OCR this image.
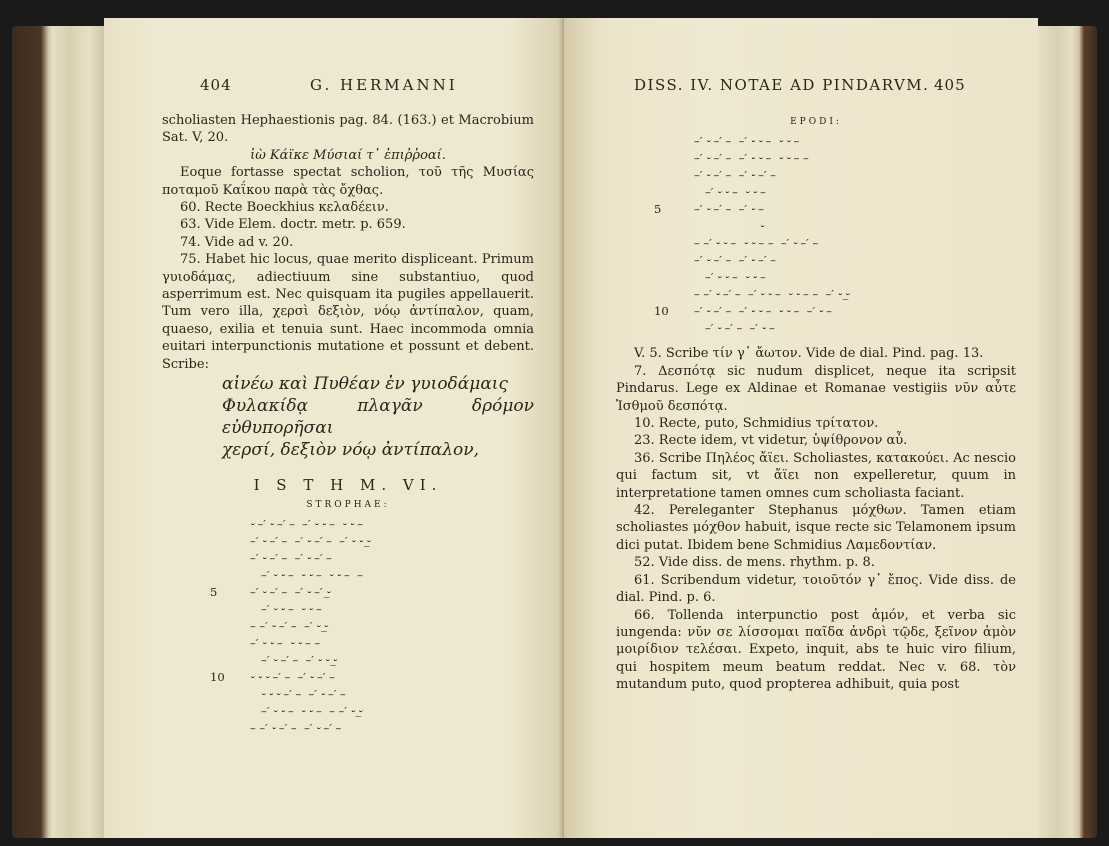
404	G. HERMANNI

scholiasten Hephaestionis pag. 84. (163.) et Macrobium Sat. V, 20.

ἰὼ Κάϊκε Μύσιαί τ᾽ ἐπιῤῥοαί.

Eoque fortasse spectat scholion, τοῦ τῆς Μυσίας ποταμοῦ Καΐκου παρὰ τὰς ὄχθας.

60. Recte Boeckhius κελαδέειν.

63. Vide Elem. doctr. metr. p. 659.

74. Vide ad v. 20.

75. Habet hic locus, quae merito displiceant. Primum γυιοδάμας, adiectiuum sine substantiuo, quod asperrimum est. Nec quisquam ita pugiles appellauerit. Tum vero illa, χερσὶ δεξιὸν, νόῳ ἀντίπαλον, quam, quaeso, exilia et tenuia sunt. Haec incommoda omnia euitari interpunctionis mutatione et possunt et debent. Scribe:

αἰνέω καὶ Πυθέαν ἐν γυιοδάμαις

Φυλακίδᾳ πλαγᾶν δρόμον εὐθυπορῆσαι

χερσί, δεξιὸν νόῳ ἀντίπαλον,

I S T H M. VI.

STROPHAE:

⏑ –′ ⏑ –′ –  –′ ⏑ ⏑ –  ⏑ ⏑ –
–′ ⏑ –′ –  –′ ⏑ –′ –  –′ ⏑ ⏑ ⏑̲
–′ ⏑ –′ –  –′ ⏑ –′ –
–′ ⏑ ⏑ –  ⏑ ⏑ –  ⏑ ⏑ –  –
5	–′ ⏑ –′ –  –′ ⏑ –′ ⏑̲
–′ ⏑ ⏑ –  ⏑ ⏑ –
– –′ ⏑ –′ –  –′ ⏑ ⏑̲
–′ ⏑ ⏑ –  ⏑ ⏑ – –
–′ ⏑ –′ –  –′ ⏑ ⏑ ⏑̲
10 ⏑ ⏑ ⏑ –′ –  –′ ⏑ –′ –
⏑ ⏑ ⏑ –′ –  –′ ⏑ –′ –
–′ ⏑ ⏑ –  ⏑ ⏑ –  – –′ ⏑ ⏑̲
– –′ ⏑ –′ –  –′ ⏑ –′ –
DISS. IV. NOTAE AD PINDARVM. 405

EPODI:

–′ ⏑ –′ –  –′ ⏑ ⏑ –  ⏑ ⏑ –
–′ ⏑ –′ –  –′ ⏑ ⏑ –  ⏑ ⏑ – –
–′ ⏑ –′ –  –′ ⏑ –′ –
–′ ⏑ ⏑ –  ⏑ ⏑ –
5	–′ ⏑ –′ –  –′ ⏑ –
⏑
– –′ ⏑ ⏑ –  ⏑ ⏑ – –  –′ ⏑ –′ –
–′ ⏑ –′ –  –′ ⏑ –′ –
–′ ⏑ ⏑ –  ⏑ ⏑ –
– –′ ⏑ –′ –  –′ ⏑ ⏑ –  ⏑ ⏑ – –  –′ ⏑ ⏑̲
10 –′ ⏑ –′ –  –′ ⏑ ⏑ –  ⏑ ⏑ –  –′ ⏑ –
–′ ⏑ –′ –  –′ ⏑ –

V. 5. Scribe τίν γ᾽ ἄωτον. Vide de dial. Pind. pag. 13.

7. Δεσπότᾳ sic nudum displicet, neque ita scripsit Pindarus. Lege ex Aldinae et Romanae vestigiis νῦν αὖτε Ἰσθμοῦ δεσπότᾳ.

10. Recte, puto, Schmidius τρίτατον.

23. Recte idem, vt videtur, ὑψίθρονον αὖ.

36. Scribe Πηλέος ἄϊει. Scholiastes, κατακούει. Ac nescio qui factum sit, vt ἄϊει non expelleretur, quum in interpretatione tamen omnes cum scholiasta faciant.

42. Pereleganter Stephanus μόχθων. Tamen etiam scholiastes μόχθον habuit, isque recte sic Telamonem ipsum dici putat. Ibidem bene Schmidius Λαμεδοντίαν.

52. Vide diss. de mens. rhythm. p. 8.

61. Scribendum videtur, τοιοῦτόν γ᾽ ἔπος. Vide diss. de dial. Pind. p. 6.

66. Tollenda interpunctio post ἀμόν, et verba sic iungenda: νῦν σε λίσσομαι παῖδα ἀνδρὶ τῷδε, ξεῖνον ἀμὸν μοιρίδιον τελέσαι. Expeto, inquit, abs te huic viro filium, qui hospitem meum beatum reddat. Nec v. 68. τὸν mutandum puto, quod propterea adhibuit, quia post
